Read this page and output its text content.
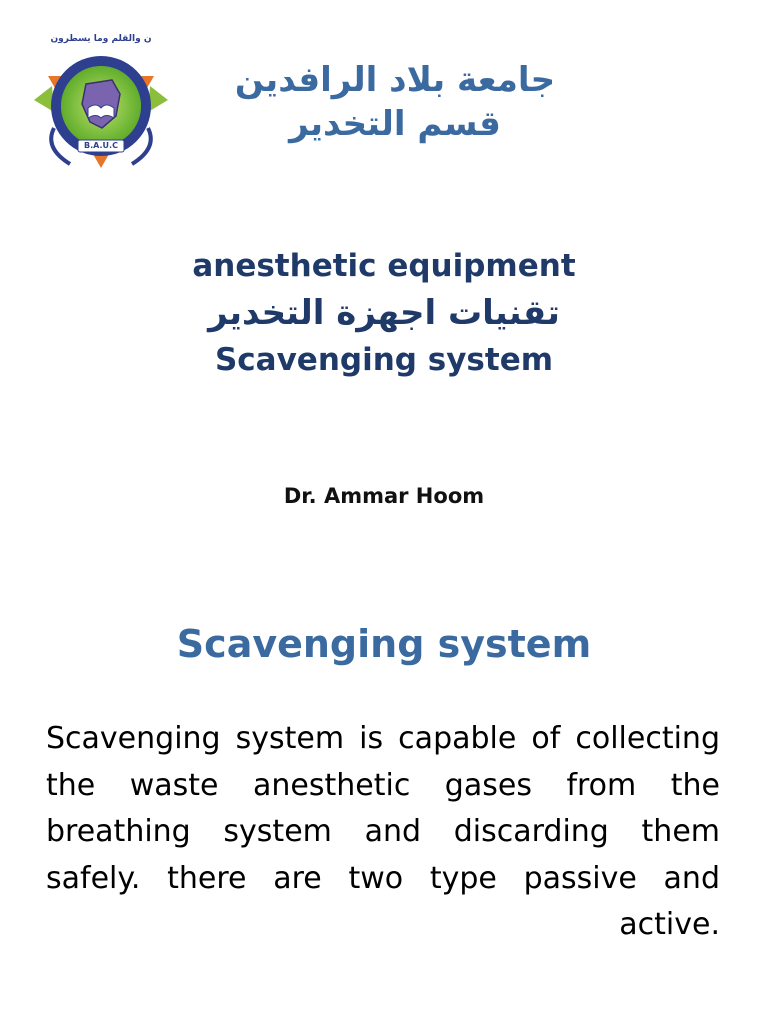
B.A.U.C
ن والقلم وما يسطرون
جامعة بلاد الرافدين
قسم التخدير
anesthetic equipment
تقنيات اجهزة التخدير
Scavenging system
Dr. Ammar Hoom
Scavenging system
Scavenging system is capable of collecting the waste anesthetic gases from the breathing system and discarding them safely. there are two type passive and active.
